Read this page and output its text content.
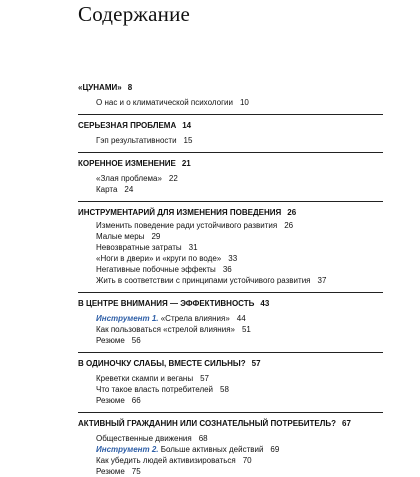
Содержание
«ЦУНАМИ» 8
О нас и о климатической психологии 10
СЕРЬЕЗНАЯ ПРОБЛЕМА 14
Гэп результативности 15
КОРЕННОЕ ИЗМЕНЕНИЕ 21
«Злая проблема» 22
Карта 24
ИНСТРУМЕНТАРИЙ ДЛЯ ИЗМЕНЕНИЯ ПОВЕДЕНИЯ 26
Изменить поведение ради устойчивого развития 26
Малые меры 29
Невозвратные затраты 31
«Ноги в двери» и «круги по воде» 33
Негативные побочные эффекты 36
Жить в соответствии с принципами устойчивого развития 37
В ЦЕНТРЕ ВНИМАНИЯ — ЭФФЕКТИВНОСТЬ 43
Инструмент 1. «Стрела влияния» 44
Как пользоваться «стрелой влияния» 51
Резюме 56
В ОДИНОЧКУ СЛАБЫ, ВМЕСТЕ СИЛЬНЫ? 57
Креветки скампи и веганы 57
Что такое власть потребителей 58
Резюме 66
АКТИВНЫЙ ГРАЖДАНИН ИЛИ СОЗНАТЕЛЬНЫЙ ПОТРЕБИТЕЛЬ? 67
Общественные движения 68
Инструмент 2. Больше активных действий 69
Как убедить людей активизироваться 70
Резюме 75
